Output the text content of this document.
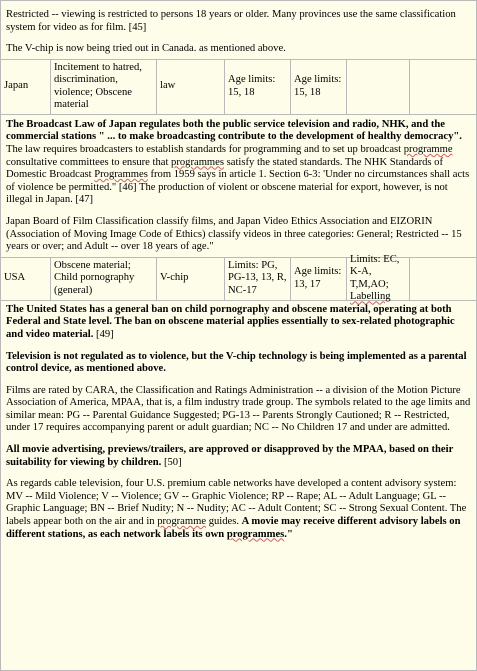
Restricted -- viewing is restricted to persons 18 years or older. Many provinces use the same classification system for video as for film. [45]

The V-chip is now being tried out in Canada. as mentioned above.

Japan
Incitement to hatred, discrimination, violence; Obscene material
law
Age limits: 15, 18
Age limits: 15, 18

The Broadcast Law of Japan regulates both the public service television and radio, NHK, and the commercial stations " ... to make broadcasting contribute to the development of healthy democracy". The law requires broadcasters to establish standards for programming and to set up broadcast programme consultative committees to ensure that programmes satisfy the stated standards. The NHK Standards of Domestic Broadcast Programmes from 1959 says in article 1. Section 6-3: 'Under no circumstances shall acts of violence be permitted." [46] The production of violent or obscene material for export, however, is not illegal in Japan. [47]

Japan Board of Film Classification classify films, and Japan Video Ethics Association and EIZORIN (Association of Moving Image Code of Ethics) classify videos in three categories: General; Restricted -- 15 years or over; and Adult -- over 18 years of age."

USA
Obscene material; Child pornography (general)
V-chip
Limits: PG, PG-13, 13, R, NC-17
Age limits: 13, 17
Limits: EC, K-A, T,M,AO; Labelling

The United States has a general ban on child pornography and obscene material, operating at both Federal and State level. The ban on obscene material applies essentially to sex-related photographic and video material. [49]

Television is not regulated as to violence, but the V-chip technology is being implemented as a parental control device, as mentioned above.

Films are rated by CARA, the Classification and Ratings Administration -- a division of the Motion Picture Association of America, MPAA, that is, a film industry trade group. The symbols related to the age limits and similar mean: PG -- Parental Guidance Suggested; PG-13 -- Parents Strongly Cautioned; R -- Restricted, under 17 requires accompanying parent or adult guardian; NC -- No Children 17 and under are admitted.

All movie advertising, previews/trailers, are approved or disapproved by the MPAA, based on their suitability for viewing by children. [50]

As regards cable television, four U.S. premium cable networks have developed a content advisory system: MV -- Mild Violence; V -- Violence; GV -- Graphic Violence; RP -- Rape; AL -- Adult Language; GL -- Graphic Language; BN -- Brief Nudity; N -- Nudity; AC -- Adult Content; SC -- Strong Sexual Content. The labels appear both on the air and in programme guides. A movie may receive different advisory labels on different stations, as each network labels its own programmes."
